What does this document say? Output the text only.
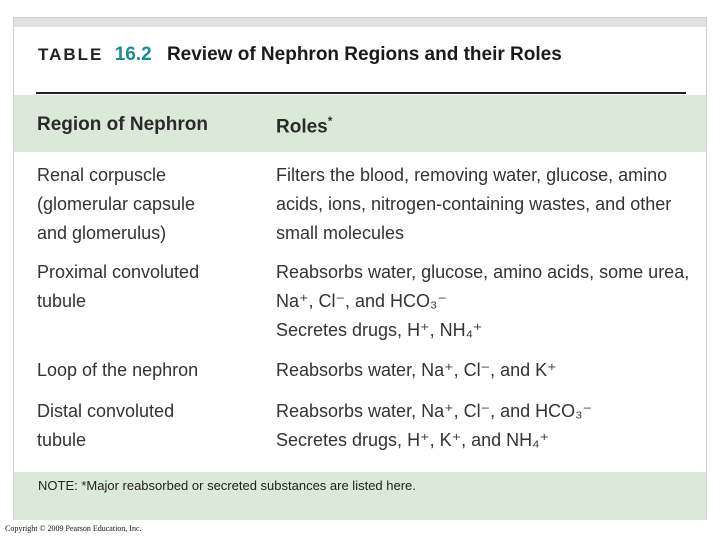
TABLE 16.2 Review of Nephron Regions and their Roles
Region of Nephron	Roles*
Renal corpuscle
(glomerular capsule
and glomerulus)
Filters the blood, removing water, glucose, amino
acids, ions, nitrogen-containing wastes, and other
small molecules
Proximal convoluted
tubule
Reabsorbs water, glucose, amino acids, some urea,
Na⁺, Cl⁻, and HCO₃⁻
Secretes drugs, H⁺, NH₄⁺
Loop of the nephron	Reabsorbs water, Na⁺, Cl⁻, and K⁺
Distal convoluted
tubule
Reabsorbs water, Na⁺, Cl⁻, and HCO₃⁻
Secretes drugs, H⁺, K⁺, and NH₄⁺
NOTE: *Major reabsorbed or secreted substances are listed here.
Copyright © 2009 Pearson Education, Inc.
